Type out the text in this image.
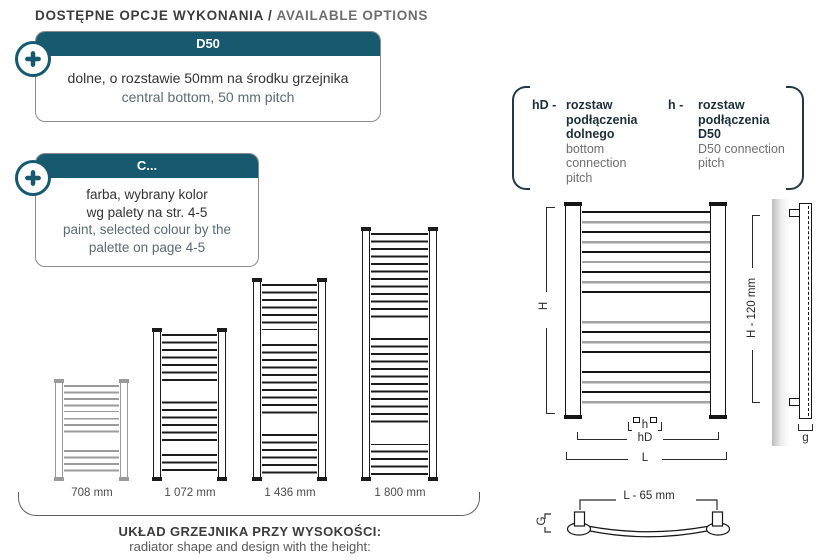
DOSTĘPNE OPCJE WYKONANIA / AVAILABLE OPTIONS
D50
dolne, o rozstawie 50mm na środku grzejnika
central bottom, 50 mm pitch
C...
farba, wybrany kolor
wg palety na str. 4-5
paint, selected colour by the
palette on page 4-5
708 mm	1 072 mm	1 436 mm	1 800 mm
UKŁAD GRZEJNIKA PRZY WYSOKOŚCI:
radiator shape and design with the height:
hD - rozstaw
podłączenia
dolnego
bottom connection
pitch
h -	rozstaw
podłączenia
D50
D50 connection
pitch
H
h
hD
L
H - 120 mm
g
L - 65 mm
G
